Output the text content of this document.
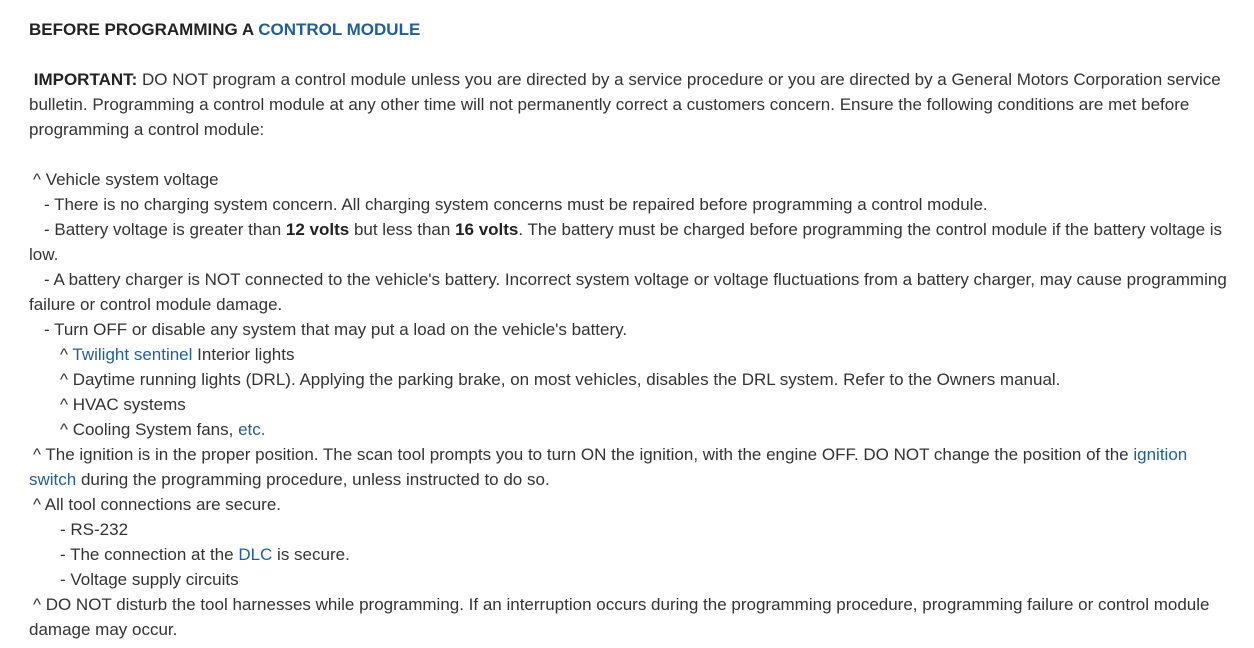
BEFORE PROGRAMMING A CONTROL MODULE

IMPORTANT: DO NOT program a control module unless you are directed by a service procedure or you are directed by a General Motors Corporation service bulletin. Programming a control module at any other time will not permanently correct a customers concern. Ensure the following conditions are met before programming a control module:

^ Vehicle system voltage

- There is no charging system concern. All charging system concerns must be repaired before programming a control module.

- Battery voltage is greater than 12 volts but less than 16 volts. The battery must be charged before programming the control module if the battery voltage is low.

- A battery charger is NOT connected to the vehicle's battery. Incorrect system voltage or voltage fluctuations from a battery charger, may cause programming failure or control module damage.

- Turn OFF or disable any system that may put a load on the vehicle's battery.

^ Twilight sentinel Interior lights

^ Daytime running lights (DRL). Applying the parking brake, on most vehicles, disables the DRL system. Refer to the Owners manual.

^ HVAC systems

^ Cooling System fans, etc.

^ The ignition is in the proper position. The scan tool prompts you to turn ON the ignition, with the engine OFF. DO NOT change the position of the ignition switch during the programming procedure, unless instructed to do so.

^ All tool connections are secure.

- RS-232

- The connection at the DLC is secure.

- Voltage supply circuits

^ DO NOT disturb the tool harnesses while programming. If an interruption occurs during the programming procedure, programming failure or control module damage may occur.
